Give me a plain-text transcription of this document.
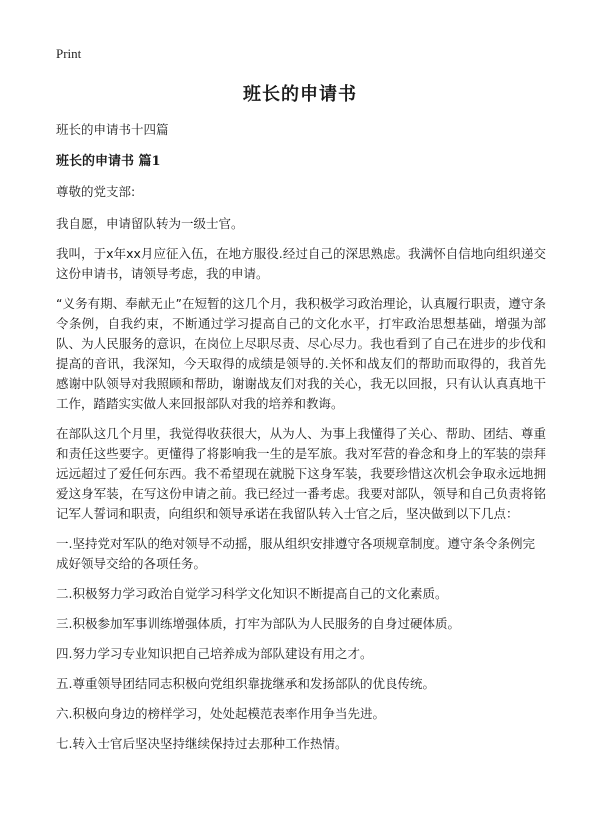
Print
班长的申请书

班长的申请书十四篇

班长的申请书 篇1

尊敬的党支部:

我自愿，申请留队转为一级士官。

我叫，于x年xx月应征入伍，在地方服役.经过自己的深思熟虑。我满怀自信地向组织递交这份申请书，请领导考虑，我的申请。

“义务有期、奉献无止”在短暂的这几个月，我积极学习政治理论，认真履行职责，遵守条令条例，自我约束，不断通过学习提高自己的文化水平，打牢政治思想基础，增强为部队、为人民服务的意识，在岗位上尽职尽责、尽心尽力。我也看到了自己在进步的步伐和提高的音讯，我深知，今天取得的成绩是领导的.关怀和战友们的帮助而取得的，我首先感谢中队领导对我照顾和帮助，谢谢战友们对我的关心，我无以回报，只有认认真真地干工作，踏踏实实做人来回报部队对我的培养和教诲。

在部队这几个月里，我觉得收获很大，从为人、为事上我懂得了关心、帮助、团结、尊重和责任这些要字。更懂得了将影响我一生的是军旅。我对军营的眷念和身上的军装的崇拜远远超过了爱任何东西。我不希望现在就脱下这身军装，我要珍惜这次机会争取永远地拥爱这身军装，在写这份申请之前。我已经过一番考虑。我要对部队，领导和自己负责将铭记军人誓词和职责，向组织和领导承诺在我留队转入士官之后，坚决做到以下几点：

一.坚持党对军队的绝对领导不动摇，服从组织安排遵守各项规章制度。遵守条令条例完成好领导交给的各项任务。

二.积极努力学习政治自觉学习科学文化知识不断提高自己的文化素质。

三.积极参加军事训练增强体质，打牢为部队为人民服务的自身过硬体质。

四.努力学习专业知识把自己培养成为部队建设有用之才。

五.尊重领导团结同志积极向党组织靠拢继承和发扬部队的优良传统。

六.积极向身边的榜样学习，处处起模范表率作用争当先进。

七.转入士官后坚决坚持继续保持过去那种工作热情。
